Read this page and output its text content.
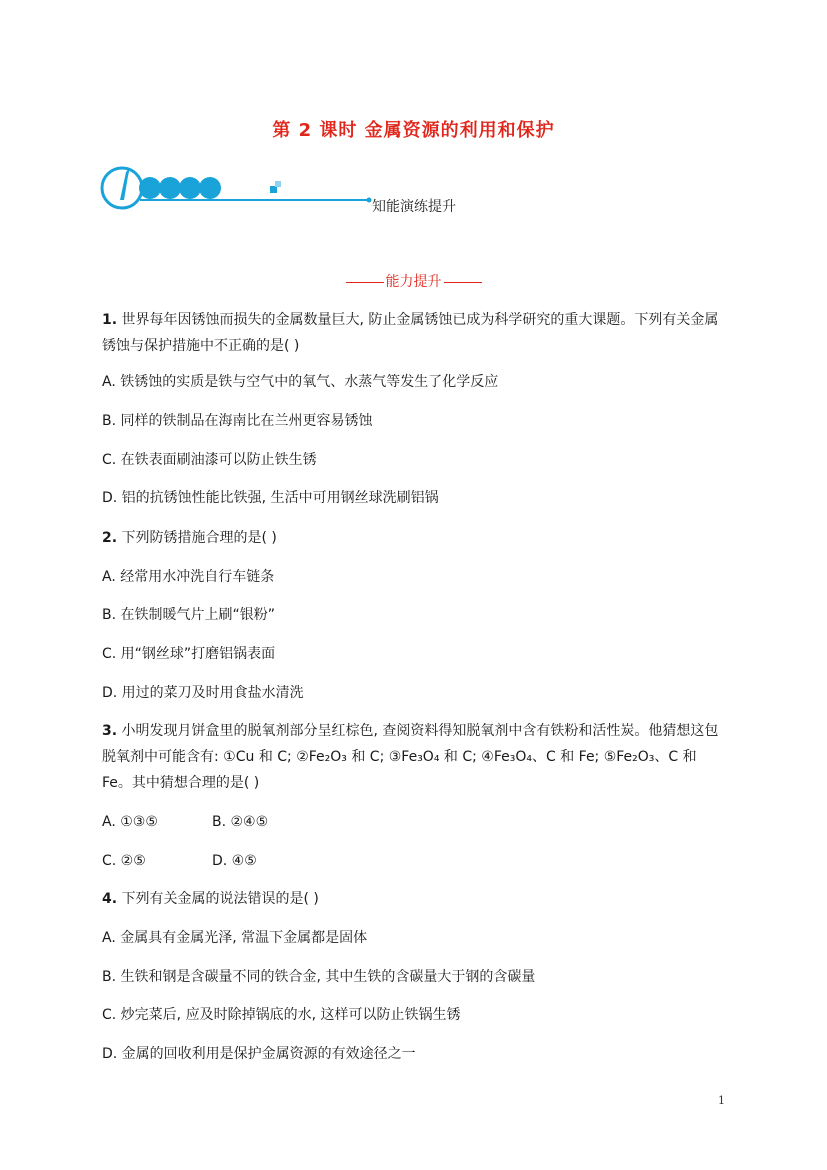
第 2 课时 金属资源的利用和保护
知能演练提升
能力提升
1. 世界每年因锈蚀而损失的金属数量巨大, 防止金属锈蚀已成为科学研究的重大课题。下列有关金属锈蚀与保护措施中不正确的是( )
A. 铁锈蚀的实质是铁与空气中的氧气、水蒸气等发生了化学反应
B. 同样的铁制品在海南比在兰州更容易锈蚀
C. 在铁表面刷油漆可以防止铁生锈
D. 铝的抗锈蚀性能比铁强, 生活中可用钢丝球洗刷铝锅
2. 下列防锈措施合理的是( )
A. 经常用水冲洗自行车链条
B. 在铁制暖气片上刷“银粉”
C. 用“钢丝球”打磨铝锅表面
D. 用过的菜刀及时用食盐水清洗
3. 小明发现月饼盒里的脱氧剂部分呈红棕色, 查阅资料得知脱氧剂中含有铁粉和活性炭。他猜想这包脱氧剂中可能含有: ①Cu 和 C; ②Fe₂O₃ 和 C; ③Fe₃O₄ 和 C; ④Fe₃O₄、C 和 Fe; ⑤Fe₂O₃、C 和 Fe。其中猜想合理的是( )
A. ①③⑤	B. ②④⑤
C. ②⑤	D. ④⑤
4. 下列有关金属的说法错误的是( )
A. 金属具有金属光泽, 常温下金属都是固体
B. 生铁和钢是含碳量不同的铁合金, 其中生铁的含碳量大于钢的含碳量
C. 炒完菜后, 应及时除掉锅底的水, 这样可以防止铁锅生锈
D. 金属的回收利用是保护金属资源的有效途径之一
1
